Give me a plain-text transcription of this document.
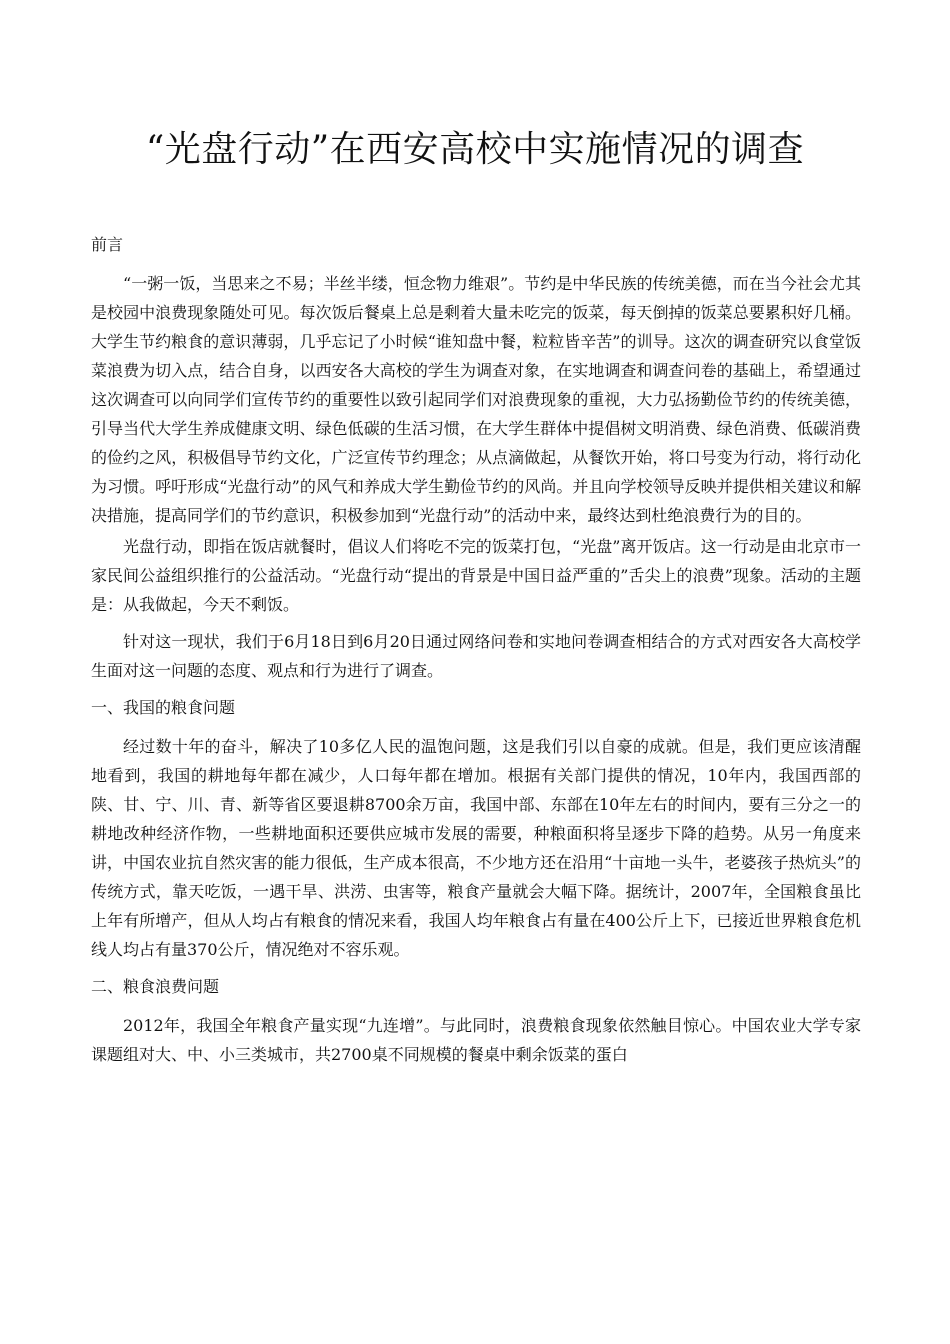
“光盘行动”在西安高校中实施情况的调查
前言

“一粥一饭，当思来之不易；半丝半缕，恒念物力维艰”。节约是中华民族的传统美德，而在当今社会尤其是校园中浪费现象随处可见。每次饭后餐桌上总是剩着大量未吃完的饭菜，每天倒掉的饭菜总要累积好几桶。大学生节约粮食的意识薄弱，几乎忘记了小时候“谁知盘中餐，粒粒皆辛苦”的训导。这次的调查研究以食堂饭菜浪费为切入点，结合自身，以西安各大高校的学生为调查对象，在实地调查和调查问卷的基础上，希望通过这次调查可以向同学们宣传节约的重要性以致引起同学们对浪费现象的重视，大力弘扬勤俭节约的传统美德，引导当代大学生养成健康文明、绿色低碳的生活习惯，在大学生群体中提倡树文明消费、绿色消费、低碳消费的俭约之风，积极倡导节约文化，广泛宣传节约理念；从点滴做起，从餐饮开始，将口号变为行动，将行动化为习惯。呼吁形成“光盘行动”的风气和养成大学生勤俭节约的风尚。并且向学校领导反映并提供相关建议和解决措施，提高同学们的节约意识，积极参加到“光盘行动”的活动中来，最终达到杜绝浪费行为的目的。

光盘行动，即指在饭店就餐时，倡议人们将吃不完的饭菜打包，“光盘”离开饭店。这一行动是由北京市一家民间公益组织推行的公益活动。“光盘行动“提出的背景是中国日益严重的”舌尖上的浪费”现象。活动的主题是：从我做起，今天不剩饭。

针对这一现状，我们于6月18日到6月20日通过网络问卷和实地问卷调查相结合的方式对西安各大高校学生面对这一问题的态度、观点和行为进行了调查。

一、我国的粮食问题

经过数十年的奋斗，解决了10多亿人民的温饱问题，这是我们引以自豪的成就。但是，我们更应该清醒地看到，我国的耕地每年都在减少，人口每年都在增加。根据有关部门提供的情况，10年内，我国西部的陕、甘、宁、川、青、新等省区要退耕8700余万亩，我国中部、东部在10年左右的时间内，要有三分之一的耕地改种经济作物，一些耕地面积还要供应城市发展的需要，种粮面积将呈逐步下降的趋势。从另一角度来讲，中国农业抗自然灾害的能力很低，生产成本很高，不少地方还在沿用“十亩地一头牛，老婆孩子热炕头”的传统方式，靠天吃饭，一遇干旱、洪涝、虫害等，粮食产量就会大幅下降。据统计，2007年，全国粮食虽比上年有所增产，但从人均占有粮食的情况来看，我国人均年粮食占有量在400公斤上下，已接近世界粮食危机线人均占有量370公斤，情况绝对不容乐观。

二、粮食浪费问题

2012年，我国全年粮食产量实现“九连增”。与此同时，浪费粮食现象依然触目惊心。中国农业大学专家课题组对大、中、小三类城市，共2700桌不同规模的餐桌中剩余饭菜的蛋白
